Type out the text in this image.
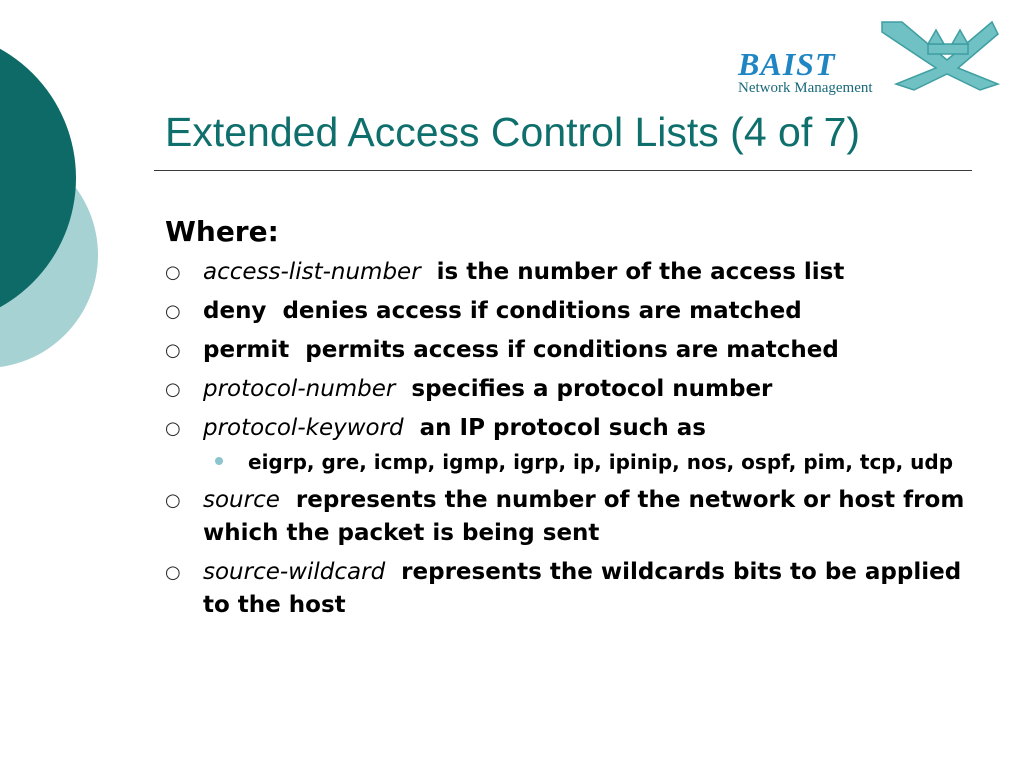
BAIST
Network Management
Extended Access Control Lists (4 of 7)
Where:
○ access-list-number is the number of the access list
○ deny denies access if conditions are matched
○ permit permits access if conditions are matched
○ protocol-number specifies a protocol number
○ protocol-keyword an IP protocol such as
eigrp, gre, icmp, igmp, igrp, ip, ipinip, nos, ospf, pim, tcp, udp
○ source represents the number of the network or host from which the packet is being sent
○ source-wildcard represents the wildcards bits to be applied to the host
